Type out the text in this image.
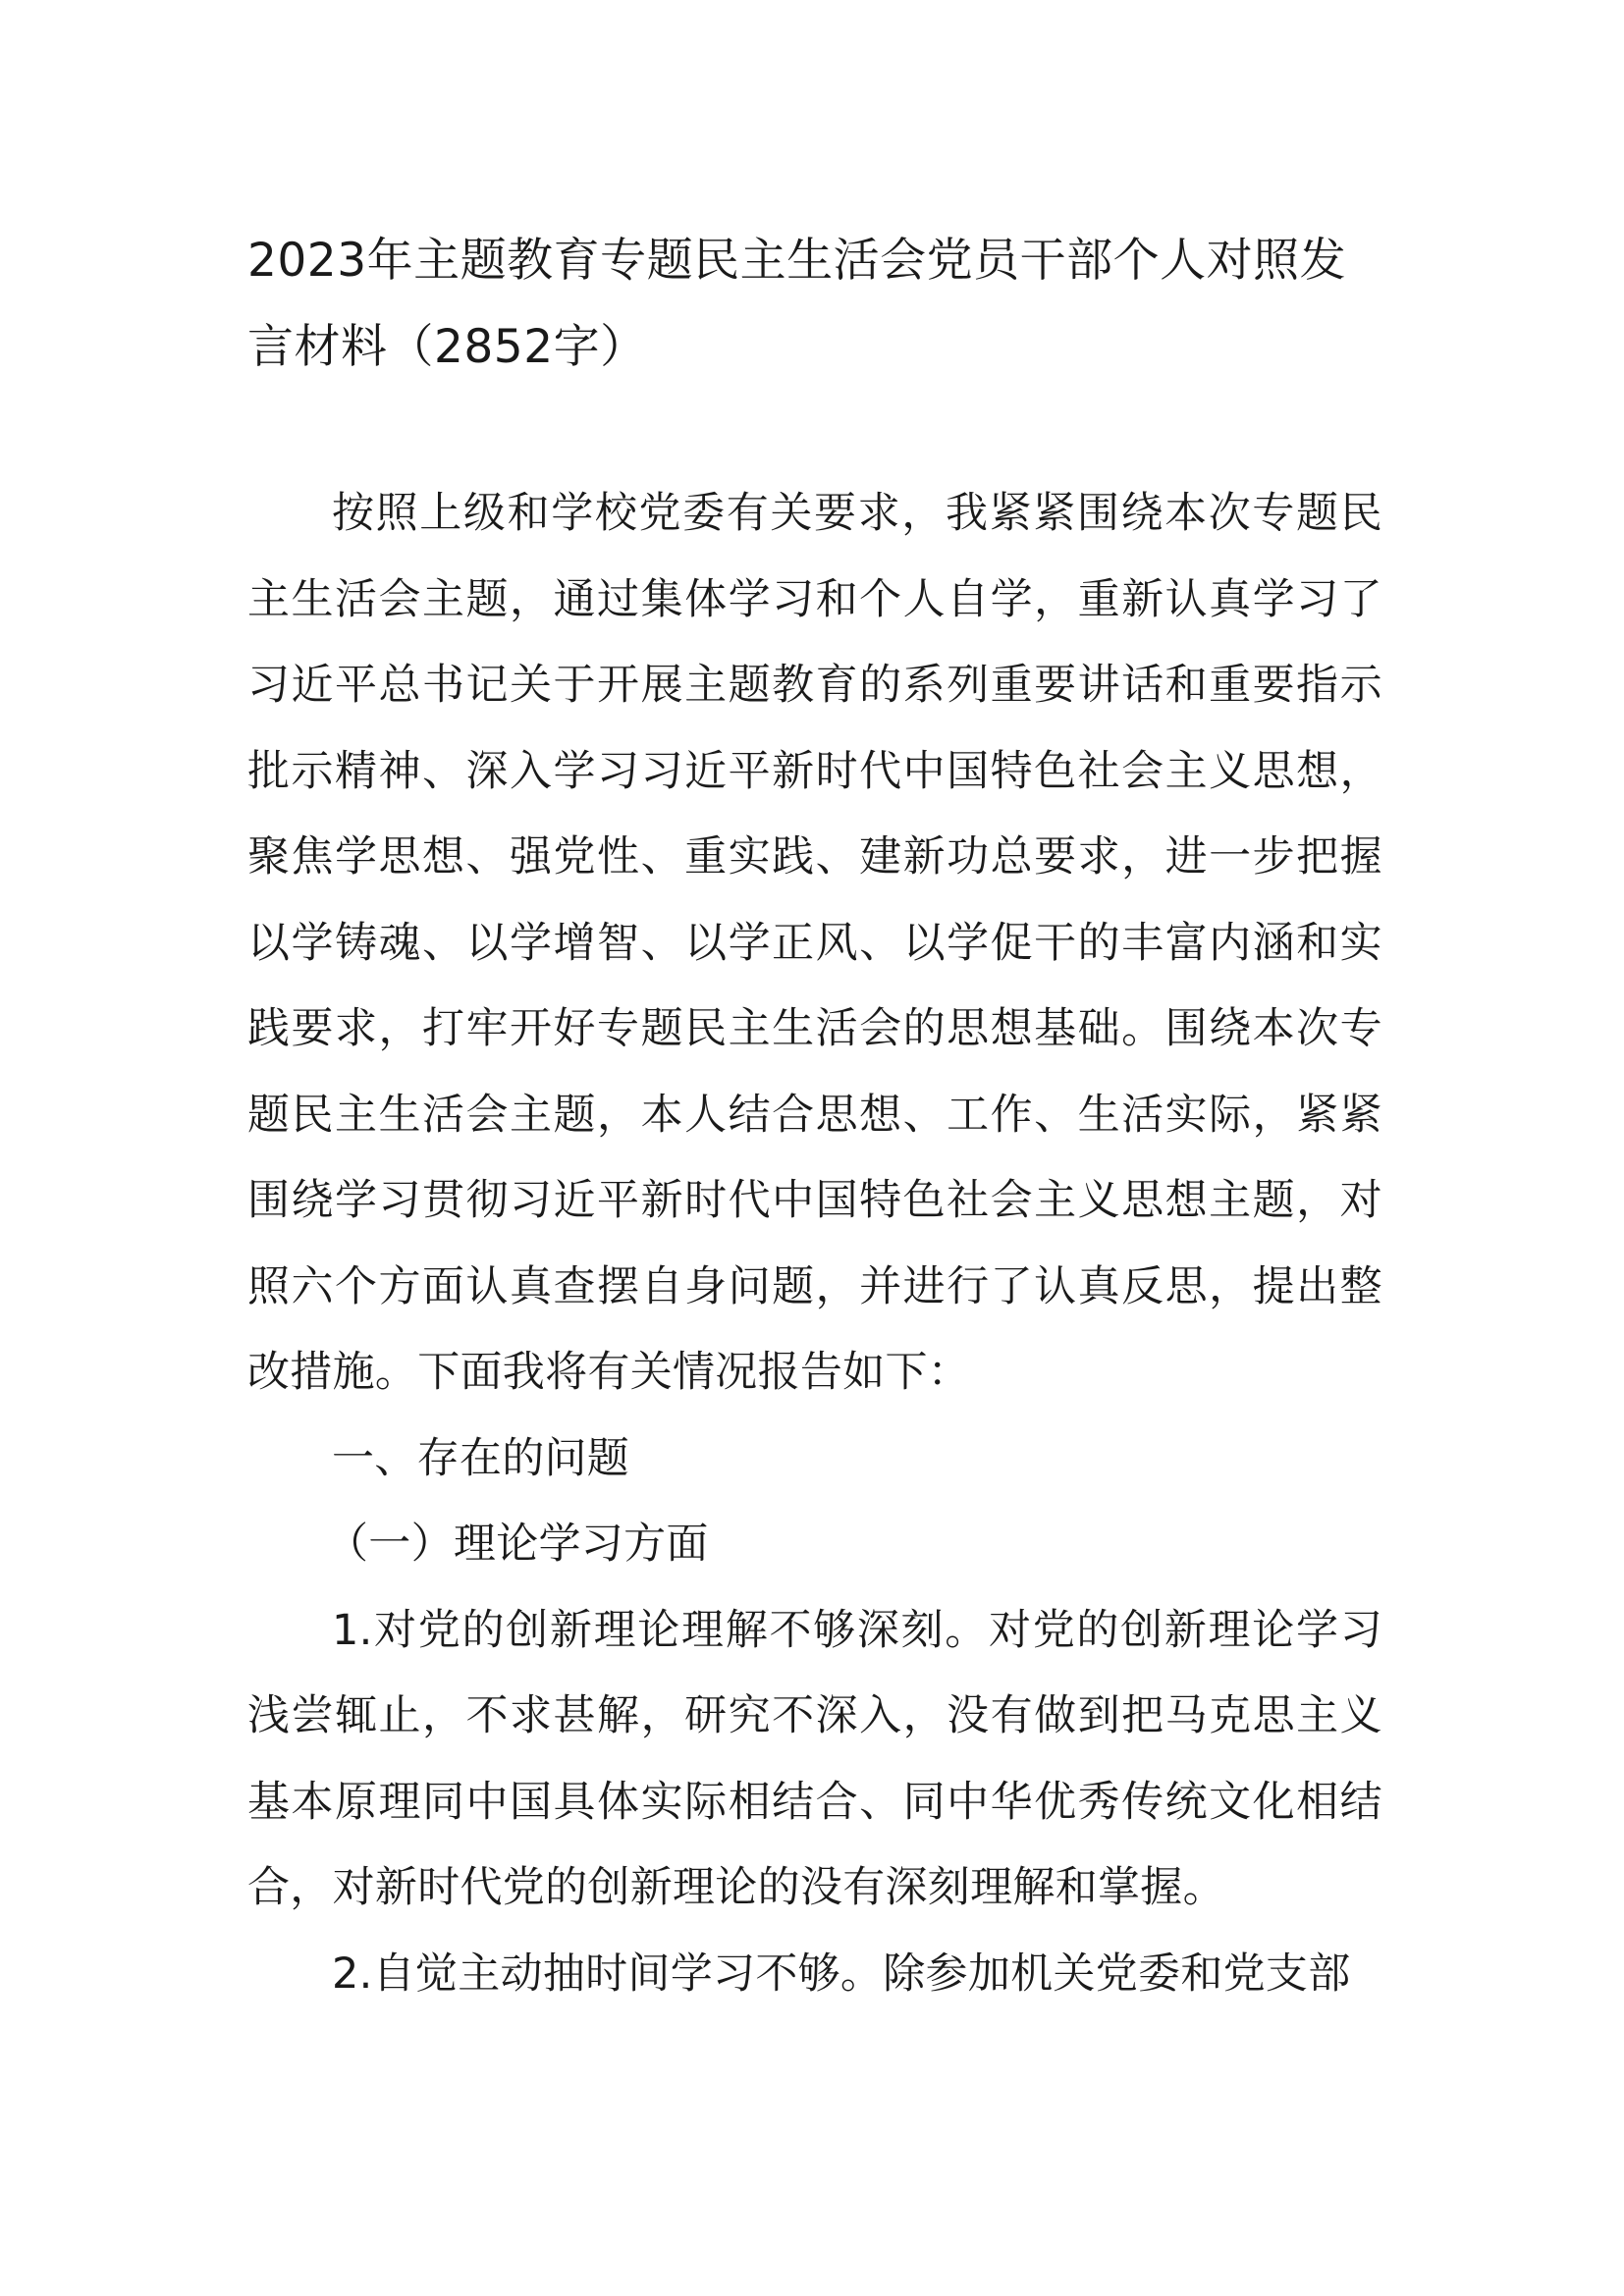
2023年主题教育专题民主生活会党员干部个人对照发言材料（2852字）

按照上级和学校党委有关要求，我紧紧围绕本次专题民主生活会主题，通过集体学习和个人自学，重新认真学习了习近平总书记关于开展主题教育的系列重要讲话和重要指示批示精神、深入学习习近平新时代中国特色社会主义思想，聚焦学思想、强党性、重实践、建新功总要求，进一步把握以学铸魂、以学增智、以学正风、以学促干的丰富内涵和实践要求，打牢开好专题民主生活会的思想基础。围绕本次专题民主生活会主题，本人结合思想、工作、生活实际，紧紧围绕学习贯彻习近平新时代中国特色社会主义思想主题，对照六个方面认真查摆自身问题，并进行了认真反思，提出整改措施。下面我将有关情况报告如下：

一、存在的问题

（一）理论学习方面

1.对党的创新理论理解不够深刻。对党的创新理论学习浅尝辄止，不求甚解，研究不深入，没有做到把马克思主义基本原理同中国具体实际相结合、同中华优秀传统文化相结合，对新时代党的创新理论的没有深刻理解和掌握。

2.自觉主动抽时间学习不够。除参加机关党委和党支部
